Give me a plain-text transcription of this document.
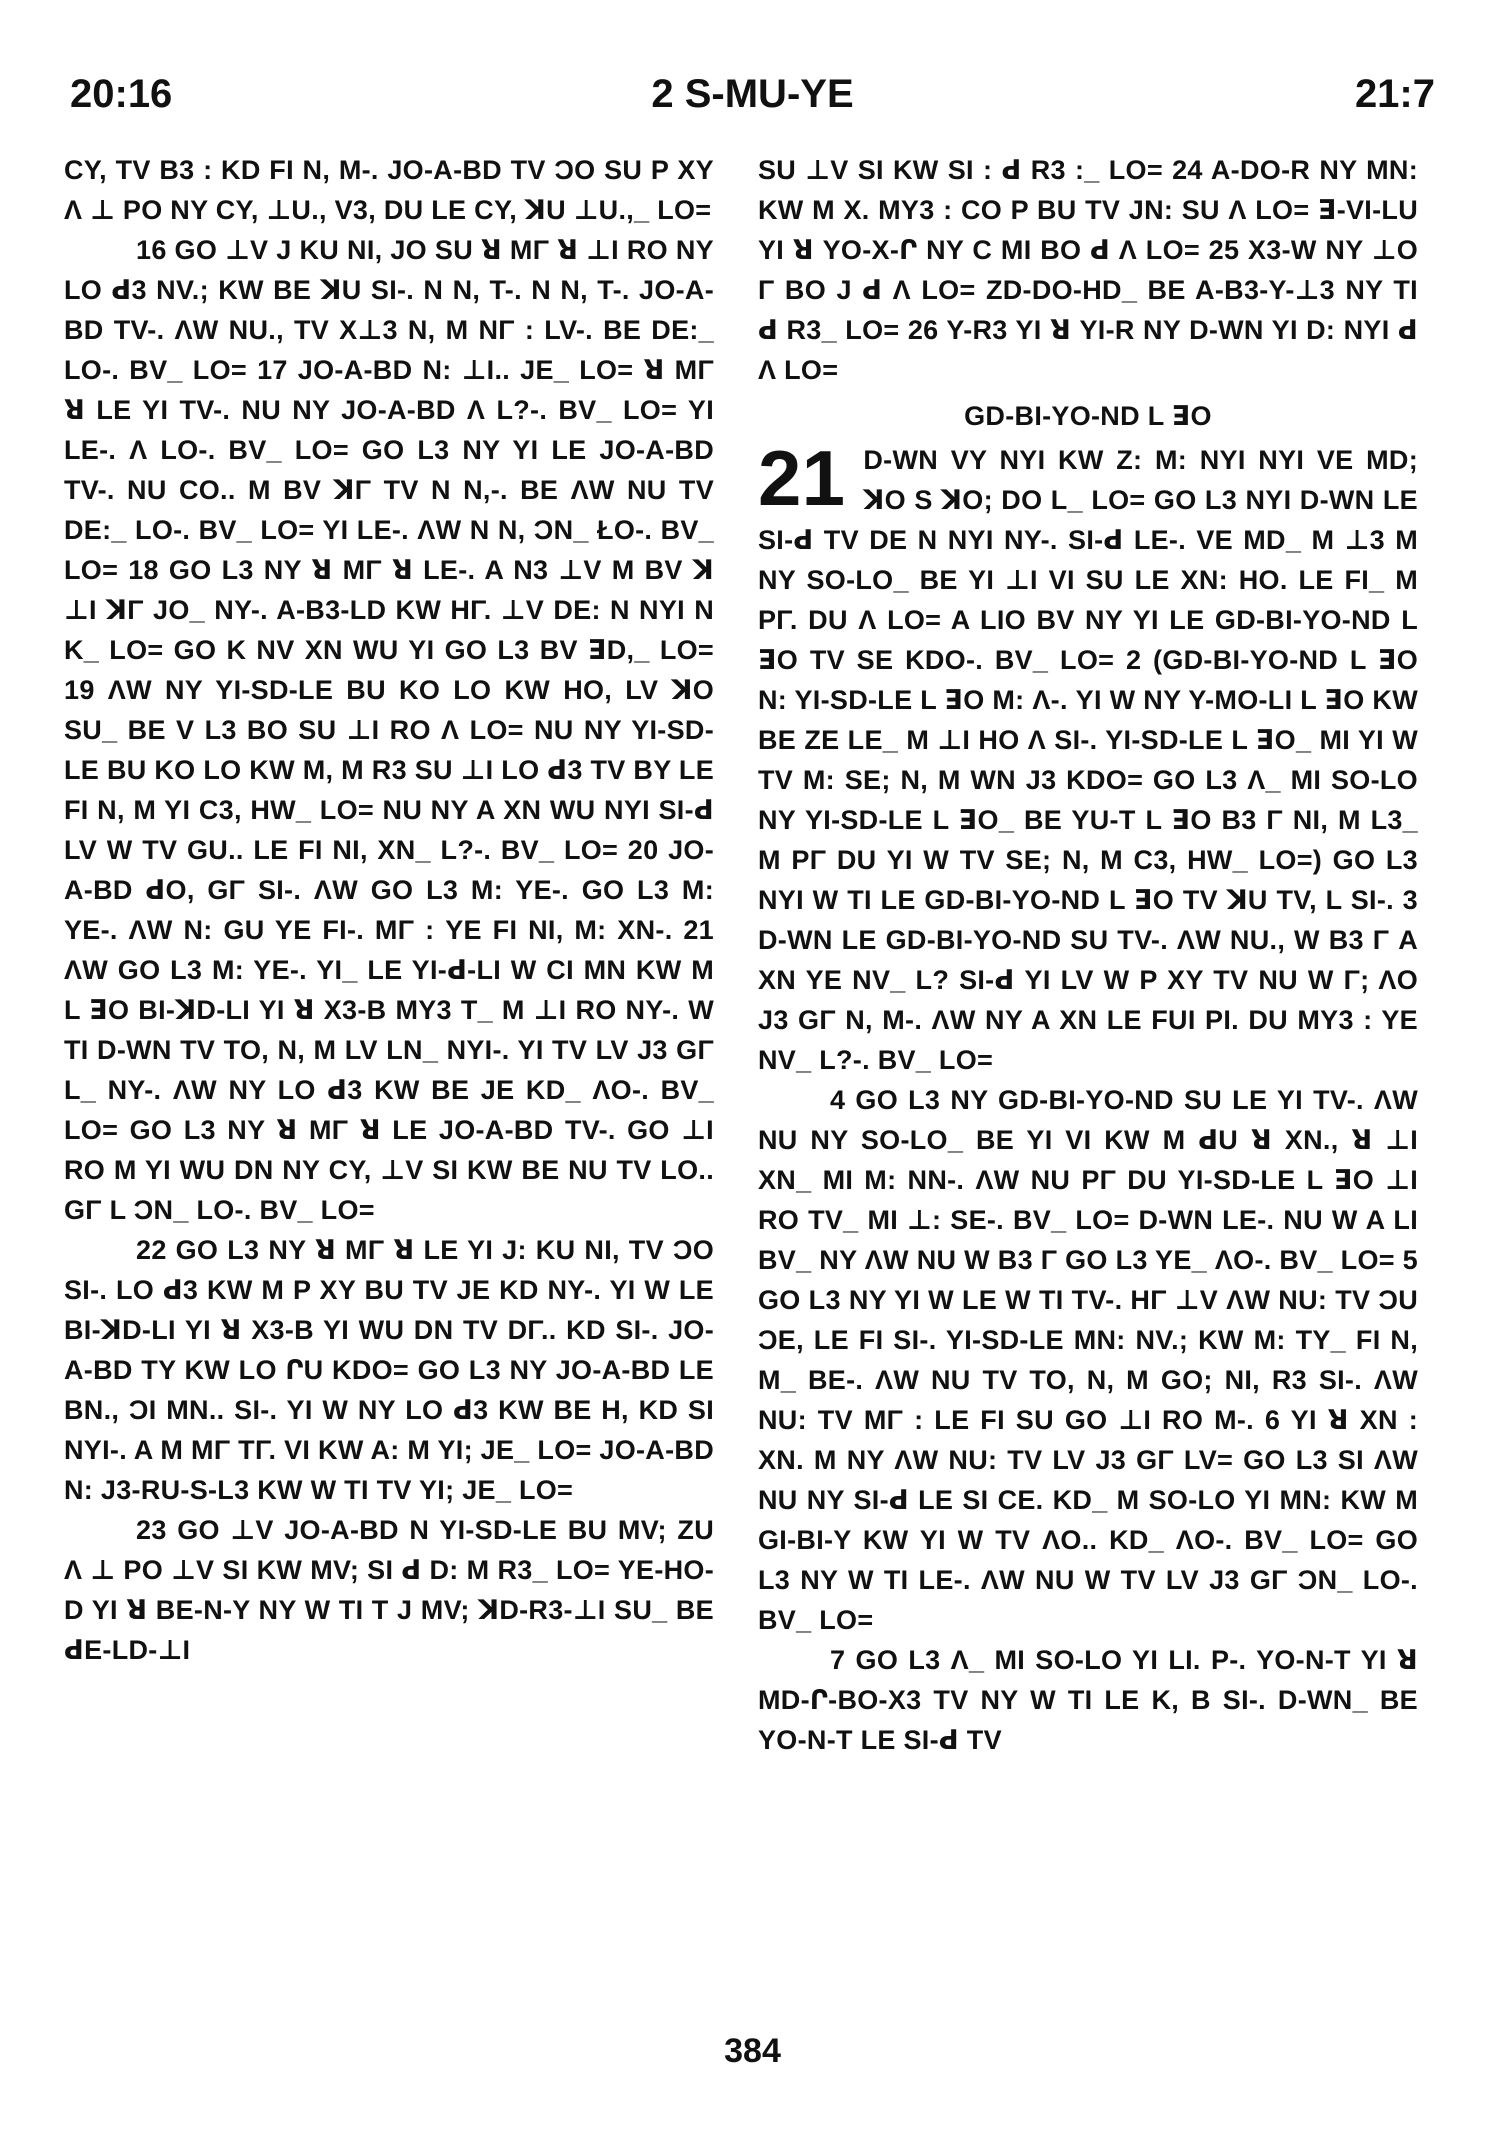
20:16	2 S-MU-YE	21:7

CY, TV B3 : KD FI N, M-. JO-A-BD TV ƆO SU P XY Λ ⊥ PO NY CY, ⊥U., V3, DU LE CY, ꓘU ⊥U.,_ LO=

16 GO ⊥V J KU NI, JO SU ꓤ MΓ ꓤ ⊥I RO NY LO ꓒ3 NV.; KW BE ꓘU SI-. N N, T-. N N, T-. JO-A-BD TV-. ΛW NU., TV X⊥3 N, M NΓ : LV-. BE DE:_ LO-. BV_ LO= 17 JO-A-BD N: ⊥I.. JE_ LO= ꓤ MΓ ꓤ LE YI TV-. NU NY JO-A-BD Λ L?-. BV_ LO= YI LE-. Λ LO-. BV_ LO= GO L3 NY YI LE JO-A-BD TV-. NU CO.. M BV ꓘΓ TV N N,-. BE ΛW NU TV DE:_ LO-. BV_ LO= YI LE-. ΛW N N, ƆN_ ŁO-. BV_ LO= 18 GO L3 NY ꓤ MΓ ꓤ LE-. A N3 ⊥V M BV ꓘ ⊥I ꓘΓ JO_ NY-. A-B3-LD KW HΓ. ⊥V DE: N NYI N K_ LO= GO K NV XN WU YI GO L3 BV ꓱD,_ LO= 19 ΛW NY YI-SD-LE BU KO LO KW HO, LV ꓘO SU_ BE V L3 BO SU ⊥I RO Λ LO= NU NY YI-SD-LE BU KO LO KW M, M R3 SU ⊥I LO ꓒ3 TV BY LE FI N, M YI C3, HW_ LO= NU NY A XN WU NYI SI-ꓒ LV W TV GU.. LE FI NI, XN_ L?-. BV_ LO= 20 JO-A-BD ꓒO, GΓ SI-. ΛW GO L3 M: YE-. GO L3 M: YE-. ΛW N: GU YE FI-. MΓ : YE FI NI, M: XN-. 21 ΛW GO L3 M: YE-. YI_ LE YI-ꓒ-LI W CI MN KW M L ꓱO BI-ꓘD-LI YI ꓤ X3-B MY3 T_ M ⊥I RO NY-. W TI D-WN TV TO, N, M LV LN_ NYI-. YI TV LV J3 GΓ L_ NY-. ΛW NY LO ꓒ3 KW BE JE KD_ ΛO-. BV_ LO= GO L3 NY ꓤ MΓ ꓤ LE JO-A-BD TV-. GO ⊥I RO M YI WU DN NY CY, ⊥V SI KW BE NU TV LO.. GΓ L ƆN_ LO-. BV_ LO=

22 GO L3 NY ꓤ MΓ ꓤ LE YI J: KU NI, TV ƆO SI-. LO ꓒ3 KW M P XY BU TV JE KD NY-. YI W LE BI-ꓘD-LI YI ꓤ X3-B YI WU DN TV DΓ.. KD SI-. JO-A-BD TY KW LO ՐU KDO= GO L3 NY JO-A-BD LE BN., ƆI MN.. SI-. YI W NY LO ꓒ3 KW BE H, KD SI NYI-. A M MΓ TΓ. VI KW A: M YI; JE_ LO= JO-A-BD N: J3-RU-S-L3 KW W TI TV YI; JE_ LO=

23 GO ⊥V JO-A-BD N YI-SD-LE BU MV; ZU Λ ⊥ PO ⊥V SI KW MV; SI ꓒ D: M R3_ LO= YE-HO-D YI ꓤ BE-N-Y NY W TI T J MV; ꓘD-R3-⊥I SU_ BE ꓒE-LD-⊥I

SU ⊥V SI KW SI : ꓒ R3 :_ LO= 24 A-DO-R NY MN: KW M X. MY3 : CO P BU TV JN: SU Λ LO= ꓱ-VI-LU YI ꓤ YO-X-Ր NY C MI BO ꓒ Λ LO= 25 X3-W NY ⊥O Γ BO J ꓒ Λ LO= ZD-DO-HD_ BE A-B3-Y-⊥3 NY TI ꓒ R3_ LO= 26 Y-R3 YI ꓤ YI-R NY D-WN YI D: NYI ꓒ Λ LO=

GD-BI-YO-ND L ꓱO

21 D-WN VY NYI KW Z: M: NYI NYI VE MD; ꓘO S ꓘO; DO L_ LO= GO L3 NYI D-WN LE SI-ꓒ TV DE N NYI NY-. SI-ꓒ LE-. VE MD_ M ⊥3 M NY SO-LO_ BE YI ⊥I VI SU LE XN: HO. LE FI_ M PΓ. DU Λ LO= A LIO BV NY YI LE GD-BI-YO-ND L ꓱO TV SE KDO-. BV_ LO= 2 (GD-BI-YO-ND L ꓱO N: YI-SD-LE L ꓱO M: Λ-. YI W NY Y-MO-LI L ꓱO KW BE ZE LE_ M ⊥I HO Λ SI-. YI-SD-LE L ꓱO_ MI YI W TV M: SE; N, M WN J3 KDO= GO L3 Λ_ MI SO-LO NY YI-SD-LE L ꓱO_ BE YU-T L ꓱO B3 Γ NI, M L3_ M PΓ DU YI W TV SE; N, M C3, HW_ LO=) GO L3 NYI W TI LE GD-BI-YO-ND L ꓱO TV ꓘU TV, L SI-. 3 D-WN LE GD-BI-YO-ND SU TV-. ΛW NU., W B3 Γ A XN YE NV_ L? SI-ꓒ YI LV W P XY TV NU W Γ; ΛO J3 GΓ N, M-. ΛW NY A XN LE FUI PI. DU MY3 : YE NV_ L?-. BV_ LO=

4 GO L3 NY GD-BI-YO-ND SU LE YI TV-. ΛW NU NY SO-LO_ BE YI VI KW M ꓒU ꓤ XN., ꓤ ⊥I XN_ MI M: NN-. ΛW NU PΓ DU YI-SD-LE L ꓱO ⊥I RO TV_ MI ⊥: SE-. BV_ LO= D-WN LE-. NU W A LI BV_ NY ΛW NU W B3 Γ GO L3 YE_ ΛO-. BV_ LO= 5 GO L3 NY YI W LE W TI TV-. HΓ ⊥V ΛW NU: TV ƆU ƆE, LE FI SI-. YI-SD-LE MN: NV.; KW M: TY_ FI N, M_ BE-. ΛW NU TV TO, N, M GO; NI, R3 SI-. ΛW NU: TV MΓ : LE FI SU GO ⊥I RO M-. 6 YI ꓤ XN : XN. M NY ΛW NU: TV LV J3 GΓ LV= GO L3 SI ΛW NU NY SI-ꓒ LE SI CE. KD_ M SO-LO YI MN: KW M GI-BI-Y KW YI W TV ΛO.. KD_ ΛO-. BV_ LO= GO L3 NY W TI LE-. ΛW NU W TV LV J3 GΓ ƆN_ LO-. BV_ LO=

7 GO L3 Λ_ MI SO-LO YI LI. P-. YO-N-T YI ꓤ MD-Ր-BO-X3 TV NY W TI LE K, B SI-. D-WN_ BE YO-N-T LE SI-ꓒ TV

384
